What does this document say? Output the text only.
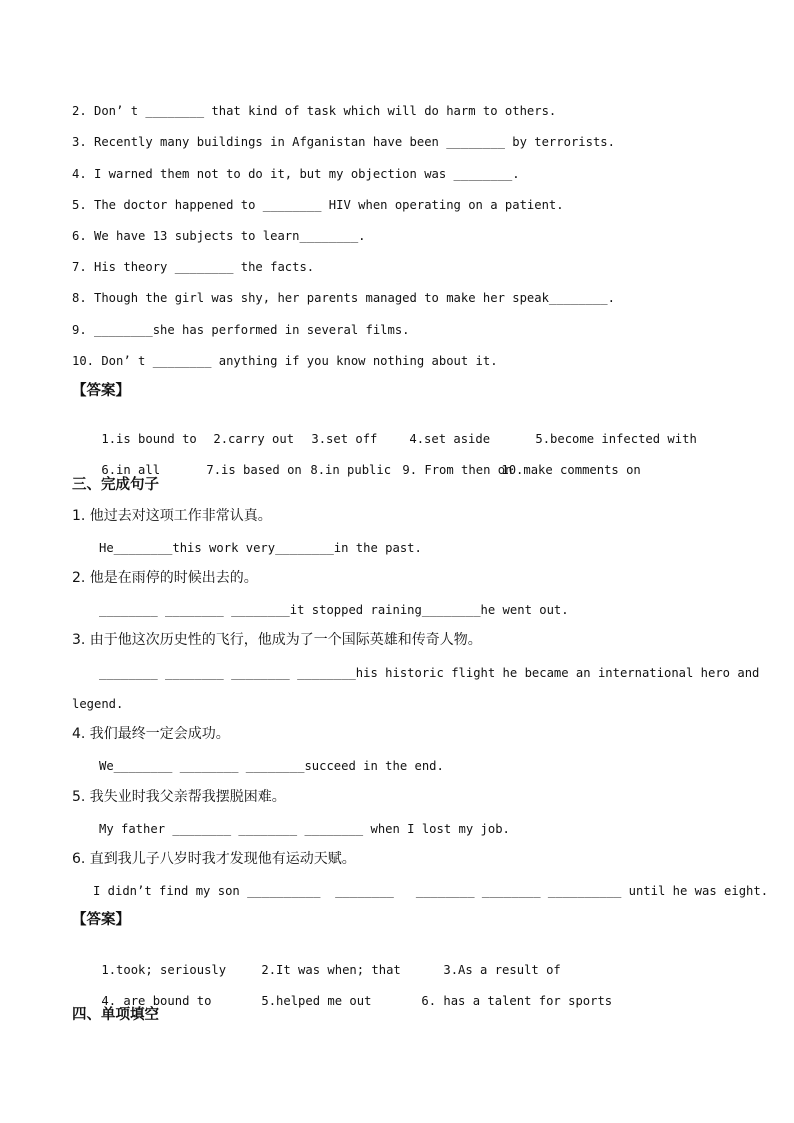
2. Don’ t ________ that kind of task which will do harm to others.
3. Recently many buildings in Afganistan have been ________ by terrorists.
4. I warned them not to do it, but my objection was ________.
5. The doctor happened to ________ HIV when operating on a patient.
6. We have 13 subjects to learn________.
7. His theory ________ the facts.
8. Though the girl was shy, her parents managed to make her speak________.
9. ________she has performed in several films.
10. Don’ t ________ anything if you know nothing about it.
【答案】

1.is bound to 2.carry out 3.set off	4.set aside	5.become infected with

6.in all	7.is based on 8.in public 9. From then on10.make comments on

三、完成句子
1. 他过去对这项工作非常认真。
He________this work very________in the past.
2. 他是在雨停的时候出去的。
________ ________ ________it stopped raining________he went out.
3. 由于他这次历史性的飞行，他成为了一个国际英雄和传奇人物。
________ ________ ________ ________his historic flight he became an international hero and
legend.
4. 我们最终一定会成功。
We________ ________ ________succeed in the end.
5. 我失业时我父亲帮我摆脱困难。
My father ________ ________ ________ when I lost my job.
6. 直到我儿子八岁时我才发现他有运动天赋。
I didn’t find my son __________  ________   ________ ________ __________ until he was eight.
【答案】

1.took; seriously	2.It was when; that	3.As a result of

4. are bound to	5.helped me out	6. has a talent for sports

四、单项填空
